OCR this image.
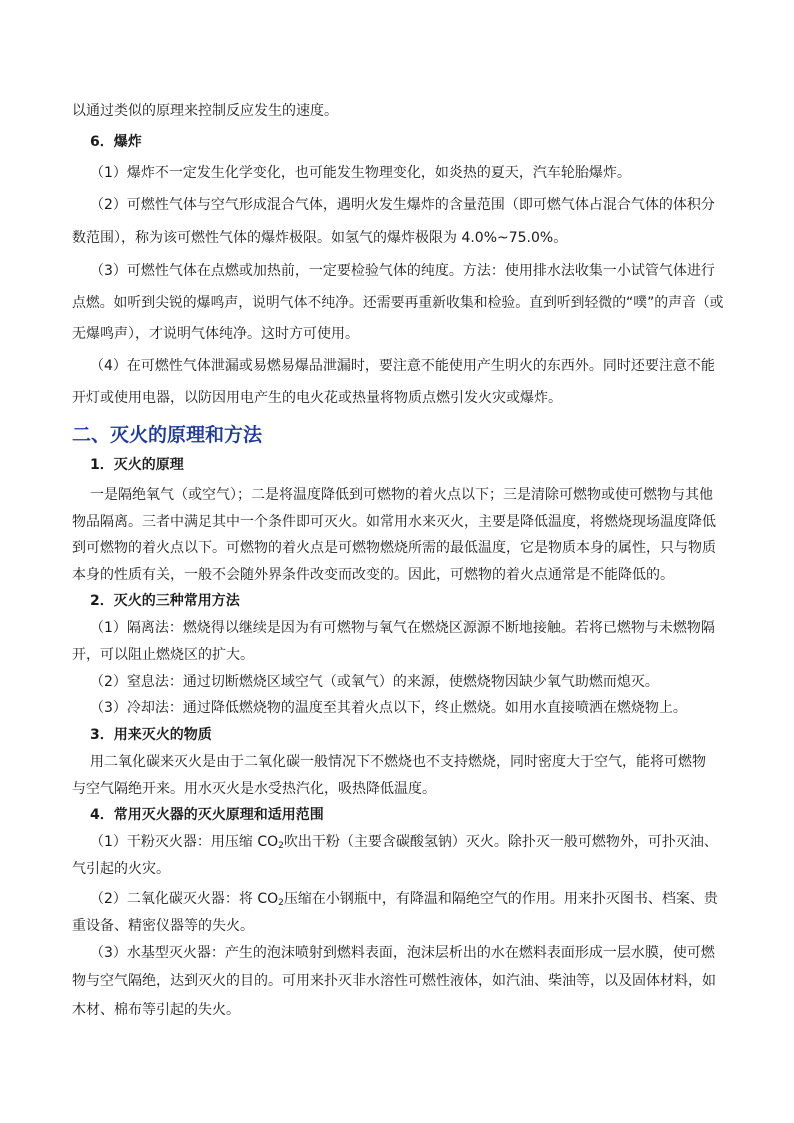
以通过类似的原理来控制反应发生的速度。
6．爆炸
（1）爆炸不一定发生化学变化，也可能发生物理变化，如炎热的夏天，汽车轮胎爆炸。
（2）可燃性气体与空气形成混合气体，遇明火发生爆炸的含量范围（即可燃气体占混合气体的体积分
数范围），称为该可燃性气体的爆炸极限。如氢气的爆炸极限为 4.0%~75.0%。
（3）可燃性气体在点燃或加热前，一定要检验气体的纯度。方法：使用排水法收集一小试管气体进行
点燃。如听到尖锐的爆鸣声，说明气体不纯净。还需要再重新收集和检验。直到听到轻微的“噗”的声音（或
无爆鸣声），才说明气体纯净。这时方可使用。
（4）在可燃性气体泄漏或易燃易爆品泄漏时，要注意不能使用产生明火的东西外。同时还要注意不能
开灯或使用电器，以防因用电产生的电火花或热量将物质点燃引发火灾或爆炸。
二、灭火的原理和方法
1．灭火的原理
一是隔绝氧气（或空气）；二是将温度降低到可燃物的着火点以下；三是清除可燃物或使可燃物与其他
物品隔离。三者中满足其中一个条件即可灭火。如常用水来灭火，主要是降低温度，将燃烧现场温度降低
到可燃物的着火点以下。可燃物的着火点是可燃物燃烧所需的最低温度，它是物质本身的属性，只与物质
本身的性质有关，一般不会随外界条件改变而改变的。因此，可燃物的着火点通常是不能降低的。
2．灭火的三种常用方法
（1）隔离法：燃烧得以继续是因为有可燃物与氧气在燃烧区源源不断地接触。若将已燃物与未燃物隔
开，可以阻止燃烧区的扩大。
（2）窒息法：通过切断燃烧区域空气（或氧气）的来源，使燃烧物因缺少氧气助燃而熄灭。
（3）冷却法：通过降低燃烧物的温度至其着火点以下，终止燃烧。如用水直接喷洒在燃烧物上。
3．用来灭火的物质
用二氧化碳来灭火是由于二氧化碳一般情况下不燃烧也不支持燃烧，同时密度大于空气，能将可燃物
与空气隔绝开来。用水灭火是水受热汽化，吸热降低温度。
4．常用灭火器的灭火原理和适用范围
（1）干粉灭火器：用压缩 $CO_2$吹出干粉（主要含碳酸氢钠）灭火。除扑灭一般可燃物外，可扑灭油、
气引起的火灾。
（2）二氧化碳灭火器：将 $CO_2$压缩在小钢瓶中，有降温和隔绝空气的作用。用来扑灭图书、档案、贵
重设备、精密仪器等的失火。
（3）水基型灭火器：产生的泡沫喷射到燃料表面，泡沫层析出的水在燃料表面形成一层水膜，使可燃
物与空气隔绝，达到灭火的目的。可用来扑灭非水溶性可燃性液体，如汽油、柴油等，以及固体材料，如
木材、棉布等引起的失火。
